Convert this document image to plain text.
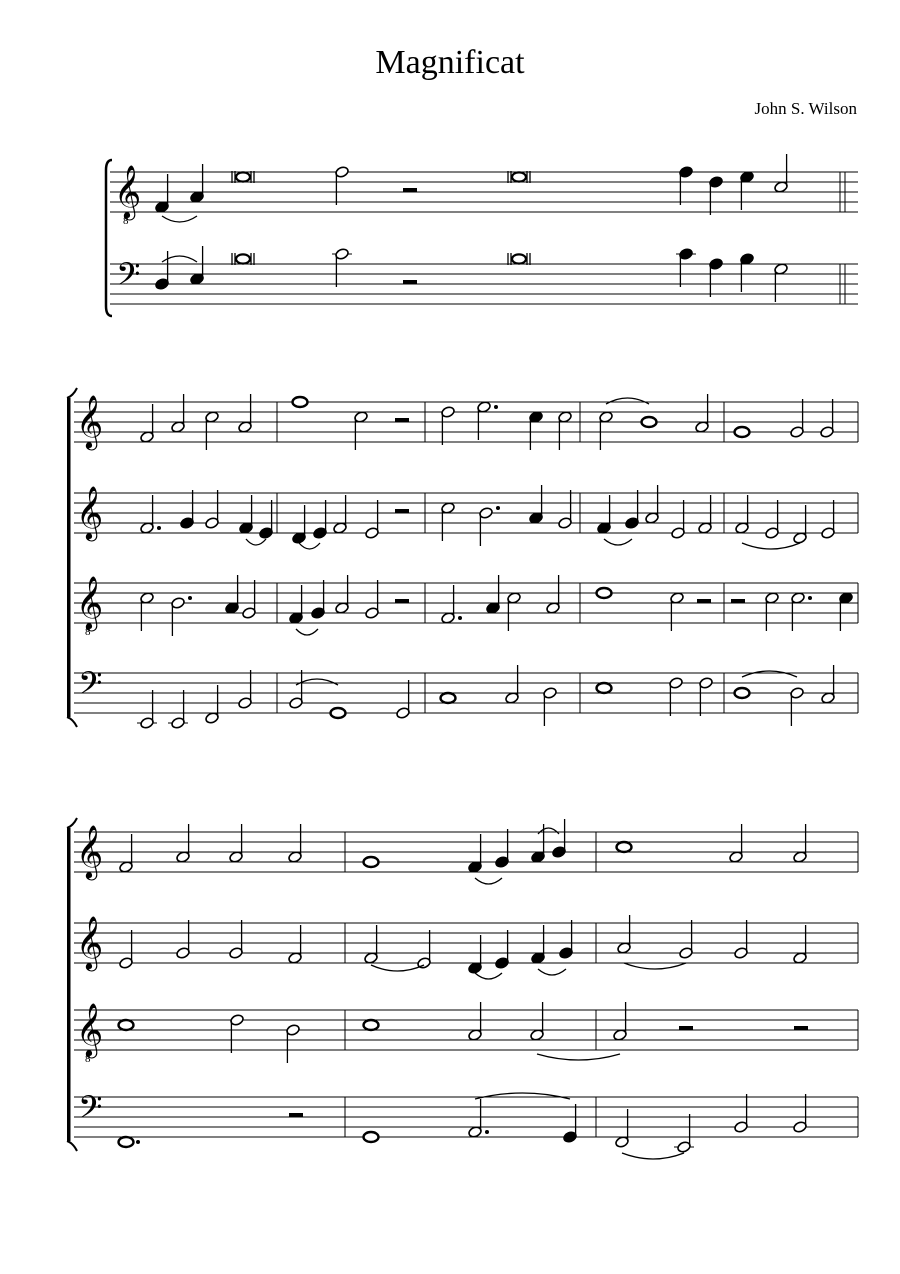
Magnificat
John S. Wilson
𝄞
8
𝄢
𝄞
𝄞
𝄞
8
𝄢
𝄞
𝄞
𝄞
8
𝄢
